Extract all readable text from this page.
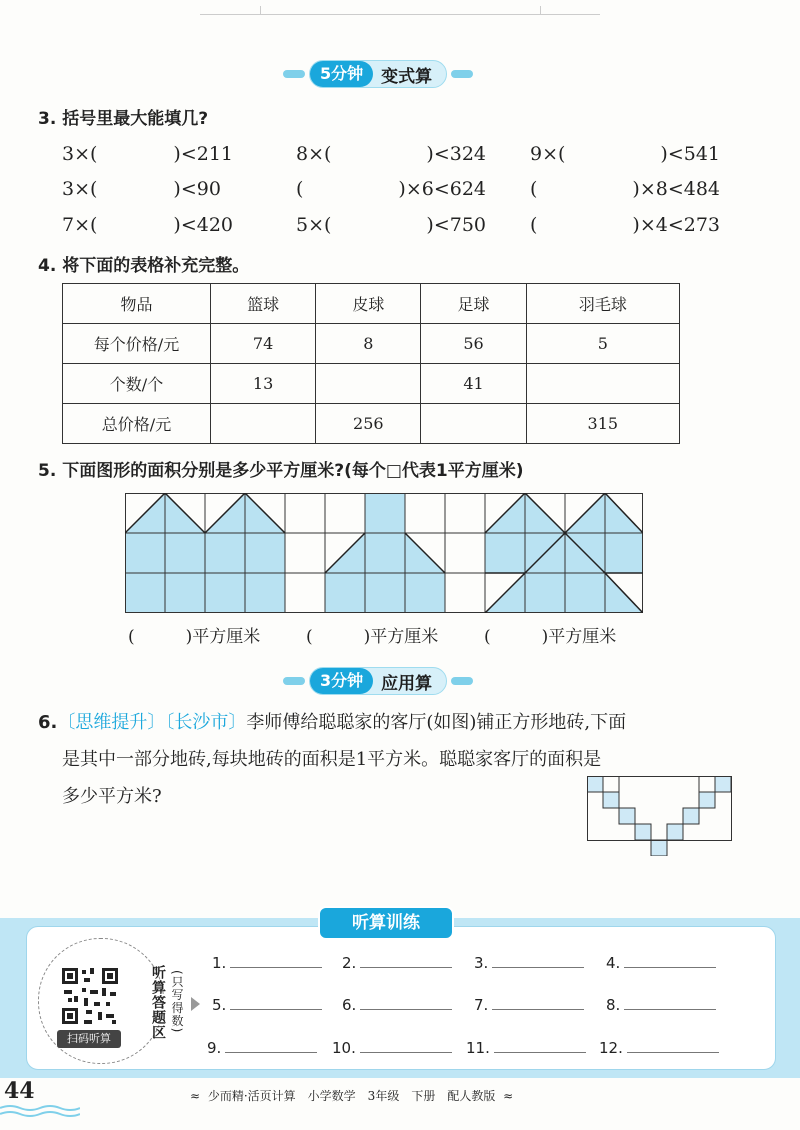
5分钟	变式算
3. 括号里最大能填几?
3×(　　　　)<211	8×(　　　　　)<324 9×(　　　　　)<541
3×(　　　　)<90	(　　　　　)×6<624 (　　　　　)×8<484
7×(　　　　)<420	5×(　　　　　)<750 (　　　　　)×4<273
4. 将下面的表格补充完整。
物品	篮球	皮球	足球	羽毛球
每个价格/元	74	8	56	5
个数/个	13		41	
总价格/元		256		315
5. 下面图形的面积分别是多少平方厘米?(每个□代表1平方厘米)
(　　　)平方厘米	(　　　)平方厘米	(　　　)平方厘米
3分钟	应用算
6.〔思维提升〕〔长沙市〕李师傅给聪聪家的客厅(如图)铺正方形地砖,下面
是其中一部分地砖,每块地砖的面积是1平方米。聪聪家客厅的面积是
多少平方米?
听算训练
扫码听算	听算答题区 (只写得数)
1.	2.	3.	4.
5.	6.	7.	8.
9.	10.	11.	12.
44	≈ 少而精·活页计算　小学数学　3年级　下册　配人教版 ≈
